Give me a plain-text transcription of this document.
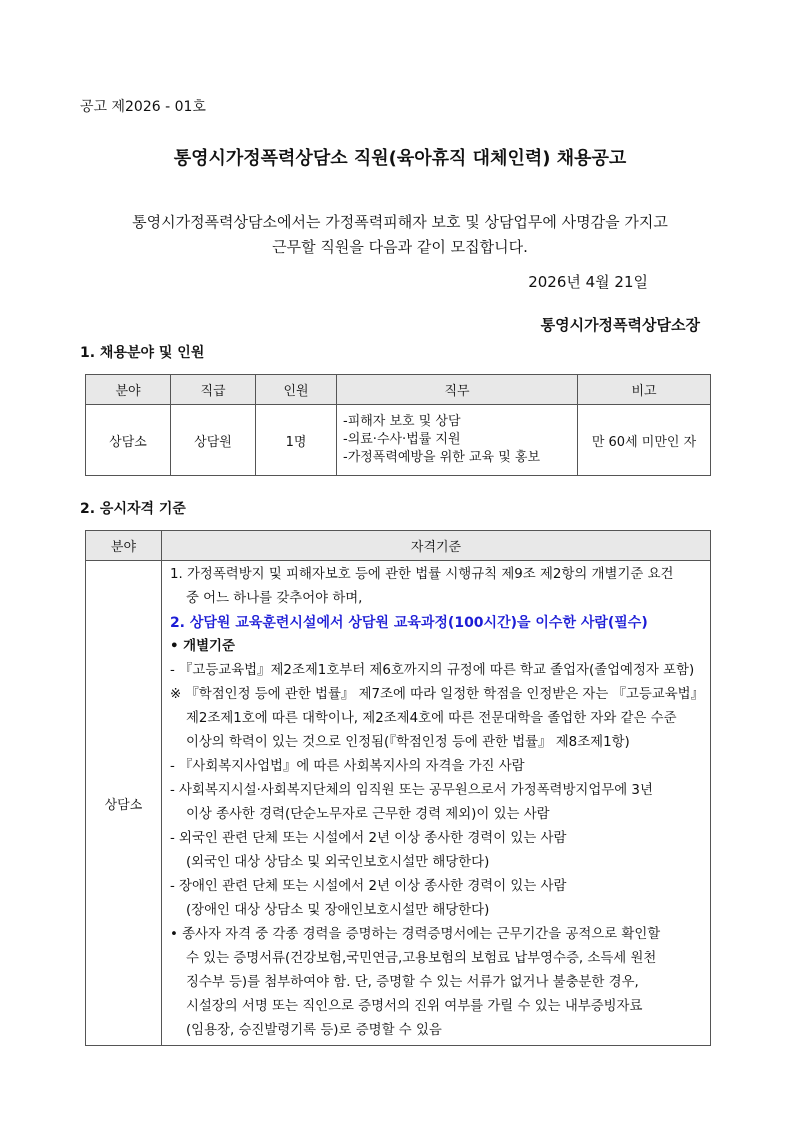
공고 제2026 - 01호
통영시가정폭력상담소 직원(육아휴직 대체인력) 채용공고
통영시가정폭력상담소에서는 가정폭력피해자 보호 및 상담업무에 사명감을 가지고
근무할 직원을 다음과 같이 모집합니다.
2026년 4월 21일
통영시가정폭력상담소장
1. 채용분야 및 인원
분야	직급	인원	직무	비고
상담소	상담원	1명	-피해자 보호 및 상담
-의료·수사·법률 지원
-가정폭력예방을 위한 교육 및 홍보	만 60세 미만인 자
2. 응시자격 기준
분야	자격기준
상담소	
1. 가정폭력방지 및 피해자보호 등에 관한 법률 시행규칙 제9조 제2항의 개별기준 요건
중 어느 하나를 갖추어야 하며,
2. 상담원 교육훈련시설에서 상담원 교육과정(100시간)을 이수한 사람(필수)
• 개별기준
- 『고등교육법』제2조제1호부터 제6호까지의 규정에 따른 학교 졸업자(졸업예정자 포함)
※ 『학점인정 등에 관한 법률』 제7조에 따라 일정한 학점을 인정받은 자는 『고등교육법』
제2조제1호에 따른 대학이나, 제2조제4호에 따른 전문대학을 졸업한 자와 같은 수준
이상의 학력이 있는 것으로 인정됨(『학점인정 등에 관한 법률』 제8조제1항)
- 『사회복지사업법』에 따른 사회복지사의 자격을 가진 사람
- 사회복지시설·사회복지단체의 임직원 또는 공무원으로서 가정폭력방지업무에 3년
이상 종사한 경력(단순노무자로 근무한 경력 제외)이 있는 사람
- 외국인 관련 단체 또는 시설에서 2년 이상 종사한 경력이 있는 사람
(외국인 대상 상담소 및 외국인보호시설만 해당한다)
- 장애인 관련 단체 또는 시설에서 2년 이상 종사한 경력이 있는 사람
(장애인 대상 상담소 및 장애인보호시설만 해당한다)
• 종사자 자격 중 각종 경력을 증명하는 경력증명서에는 근무기간을 공적으로 확인할
수 있는 증명서류(건강보험,국민연금,고용보험의 보험료 납부영수증, 소득세 원천
징수부 등)를 첨부하여야 함. 단, 증명할 수 있는 서류가 없거나 불충분한 경우,
시설장의 서명 또는 직인으로 증명서의 진위 여부를 가릴 수 있는 내부증빙자료
(임용장, 승진발령기록 등)로 증명할 수 있음
